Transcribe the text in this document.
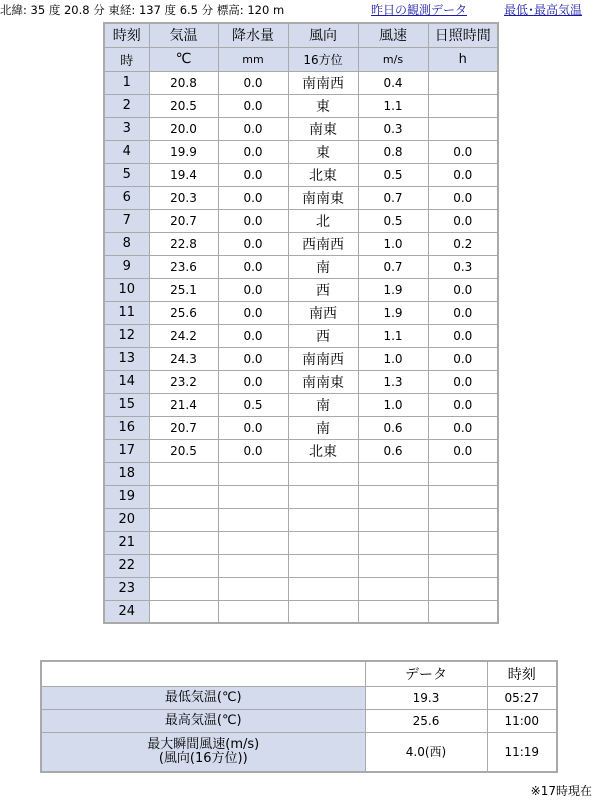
北緯: 35 度 20.8 分 東経: 137 度 6.5 分 標高: 120 m	昨日の観測データ	最低･最高気温
時刻	気温	降水量	風向	風速	日照時間
時	℃	mm	16方位	m/s	h
1	20.8	0.0	南南西	0.4	
2	20.5	0.0	東	1.1	
3	20.0	0.0	南東	0.3	
4	19.9	0.0	東	0.8	0.0
5	19.4	0.0	北東	0.5	0.0
6	20.3	0.0	南南東	0.7	0.0
7	20.7	0.0	北	0.5	0.0
8	22.8	0.0	西南西	1.0	0.2
9	23.6	0.0	南	0.7	0.3
10	25.1	0.0	西	1.9	0.0
11	25.6	0.0	南西	1.9	0.0
12	24.2	0.0	西	1.1	0.0
13	24.3	0.0	南南西	1.0	0.0
14	23.2	0.0	南南東	1.3	0.0
15	21.4	0.5	南	1.0	0.0
16	20.7	0.0	南	0.6	0.0
17	20.5	0.0	北東	0.6	0.0
18					
19					
20					
21					
22					
23					
24					
	データ	時刻

最低気温(℃)	19.3	05:27

最高気温(℃)	25.6	11:00

最大瞬間風速(m/s)
(風向(16方位))	4.0(西)	11:19
※17時現在
